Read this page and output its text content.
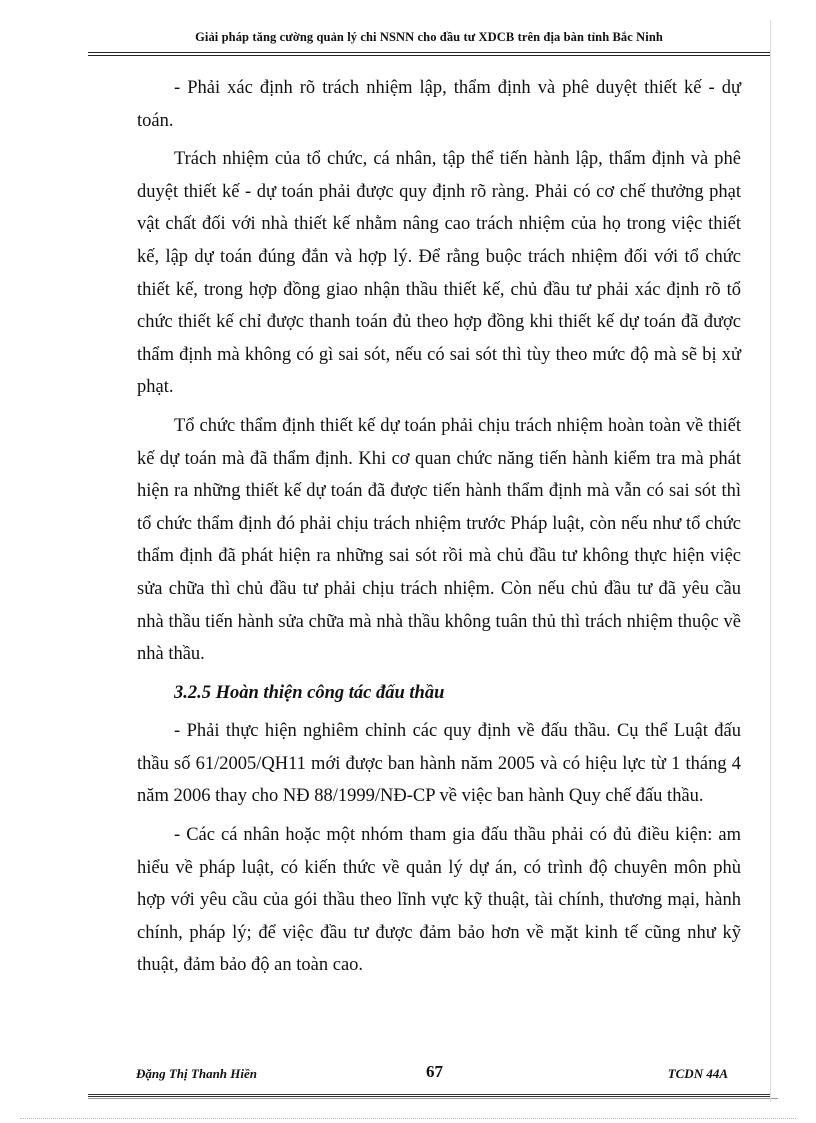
Giải pháp tăng cường quản lý chi NSNN cho đầu tư XDCB trên địa bàn tỉnh Bắc Ninh

- Phải xác định rõ trách nhiệm lập, thẩm định và phê duyệt thiết kế - dự toán.

Trách nhiệm của tổ chức, cá nhân, tập thể tiến hành lập, thẩm định và phê duyệt thiết kế - dự toán phải được quy định rõ ràng. Phải có cơ chế thưởng phạt vật chất đối với nhà thiết kế nhằm nâng cao trách nhiệm của họ trong việc thiết kế, lập dự toán đúng đắn và hợp lý. Để rằng buộc trách nhiệm đối với tổ chức thiết kế, trong hợp đồng giao nhận thầu thiết kế, chủ đầu tư phải xác định rõ tổ chức thiết kế chỉ được thanh toán đủ theo hợp đồng khi thiết kế dự toán đã được thẩm định mà không có gì sai sót, nếu có sai sót thì tùy theo mức độ mà sẽ bị xử phạt.

Tổ chức thẩm định thiết kế dự toán phải chịu trách nhiệm hoàn toàn về thiết kế dự toán mà đã thẩm định. Khi cơ quan chức năng tiến hành kiểm tra mà phát hiện ra những thiết kế dự toán đã được tiến hành thẩm định mà vẫn có sai sót thì tổ chức thẩm định đó phải chịu trách nhiệm trước Pháp luật, còn nếu như tổ chức thẩm định đã phát hiện ra những sai sót rồi mà chủ đầu tư không thực hiện việc sửa chữa thì chủ đầu tư phải chịu trách nhiệm. Còn nếu chủ đầu tư đã yêu cầu nhà thầu tiến hành sửa chữa mà nhà thầu không tuân thủ thì trách nhiệm thuộc về nhà thầu.

3.2.5 Hoàn thiện công tác đấu thầu

- Phải thực hiện nghiêm chỉnh các quy định về đấu thầu. Cụ thể Luật đấu thầu số 61/2005/QH11 mới được ban hành năm 2005 và có hiệu lực từ 1 tháng 4 năm 2006 thay cho NĐ 88/1999/NĐ-CP về việc ban hành Quy chế đấu thầu.

- Các cá nhân hoặc một nhóm tham gia đấu thầu phải có đủ điều kiện: am hiểu về pháp luật, có kiến thức về quản lý dự án, có trình độ chuyên môn phù hợp với yêu cầu của gói thầu theo lĩnh vực kỹ thuật, tài chính, thương mại, hành chính, pháp lý; để việc đầu tư được đảm bảo hơn về mặt kinh tế cũng như kỹ thuật, đảm bảo độ an toàn cao.

Đặng Thị Thanh Hiền	67	TCDN 44A
